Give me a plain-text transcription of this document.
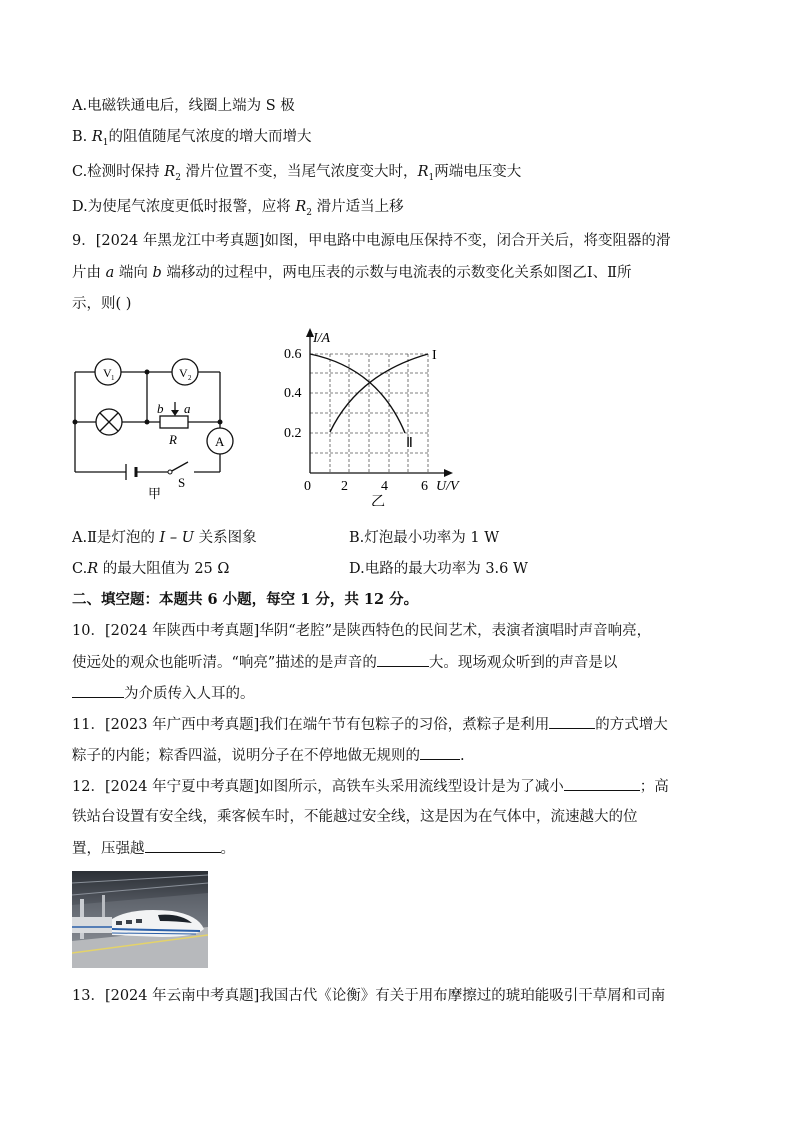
A.电磁铁通电后，线圈上端为 S 极
B. $R_1$的阻值随尾气浓度的增大而增大
C.检测时保持 $R_2$ 滑片位置不变，当尾气浓度变大时，$R_1$两端电压变大
D.为使尾气浓度更低时报警，应将 $R_2$ 滑片适当上移
9．[2024 年黑龙江中考真题]如图，甲电路中电源电压保持不变，闭合开关后，将变阻器的滑
片由 a 端向 b 端移动的过程中，两电压表的示数与电流表的示数变化关系如图乙Ⅰ、Ⅱ所
示，则( )
V 1	V 2
A
b a
R
S
甲
I/A
0.6
0.4
0.2
0 2 4 6 U/V
I
Ⅱ
乙
A.Ⅱ是灯泡的 I – U 关系图象	B.灯泡最小功率为 1 W
C.R 的最大阻值为 25 Ω	D.电路的最大功率为 3.6 W
二、填空题：本题共 6 小题，每空 1 分，共 12 分。
10．[2024 年陕西中考真题]华阴“老腔”是陕西特色的民间艺术，表演者演唱时声音响亮，
使远处的观众也能听清。“响亮”描述的是声音的	大。现场观众听到的声音是以
为介质传入人耳的。
11．[2023 年广西中考真题]我们在端午节有包粽子的习俗，煮粽子是利用	的方式增大
粽子的内能；粽香四溢，说明分子在不停地做无规则的	.
12．[2024 年宁夏中考真题]如图所示，高铁车头采用流线型设计是为了减小	；高
铁站台设置有安全线，乘客候车时，不能越过安全线，这是因为在气体中，流速越大的位
置，压强越	。
13．[2024 年云南中考真题]我国古代《论衡》有关于用布摩擦过的琥珀能吸引干草屑和司南
